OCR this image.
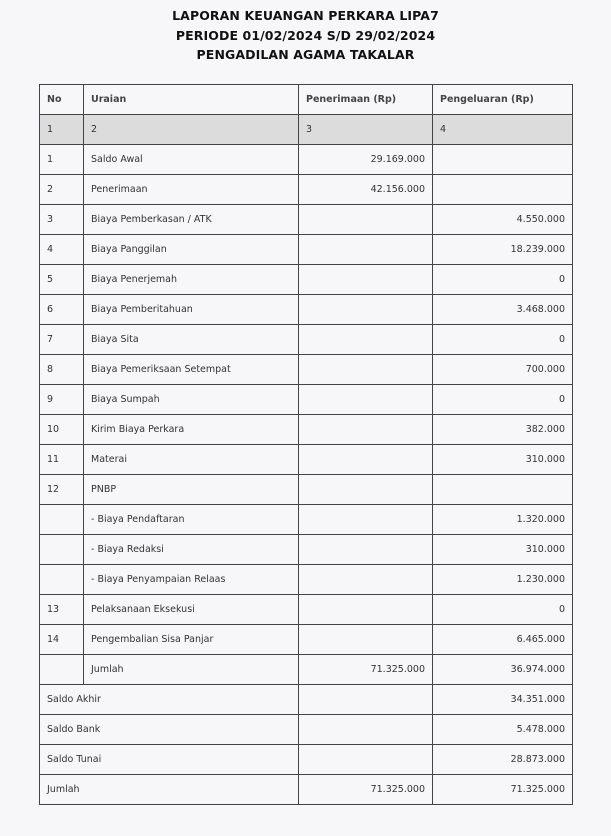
LAPORAN KEUANGAN PERKARA LIPA7
PERIODE 01/02/2024 S/D 29/02/2024
PENGADILAN AGAMA TAKALAR
No	Uraian	Penerimaan (Rp)	Pengeluaran (Rp)
1	2	3	4
1	Saldo Awal	29.169.000	
2	Penerimaan	42.156.000	
3	Biaya Pemberkasan / ATK		4.550.000
4	Biaya Panggilan		18.239.000
5	Biaya Penerjemah		0
6	Biaya Pemberitahuan		3.468.000
7	Biaya Sita		0
8	Biaya Pemeriksaan Setempat		700.000
9	Biaya Sumpah		0
10	Kirim Biaya Perkara		382.000
11	Materai		310.000
12	PNBP		
	- Biaya Pendaftaran		1.320.000
	- Biaya Redaksi		310.000
	- Biaya Penyampaian Relaas		1.230.000
13	Pelaksanaan Eksekusi		0
14	Pengembalian Sisa Panjar		6.465.000
	Jumlah	71.325.000	36.974.000
Saldo Akhir			34.351.000
Saldo Bank			5.478.000
Saldo Tunai			28.873.000
Jumlah		71.325.000	71.325.000
